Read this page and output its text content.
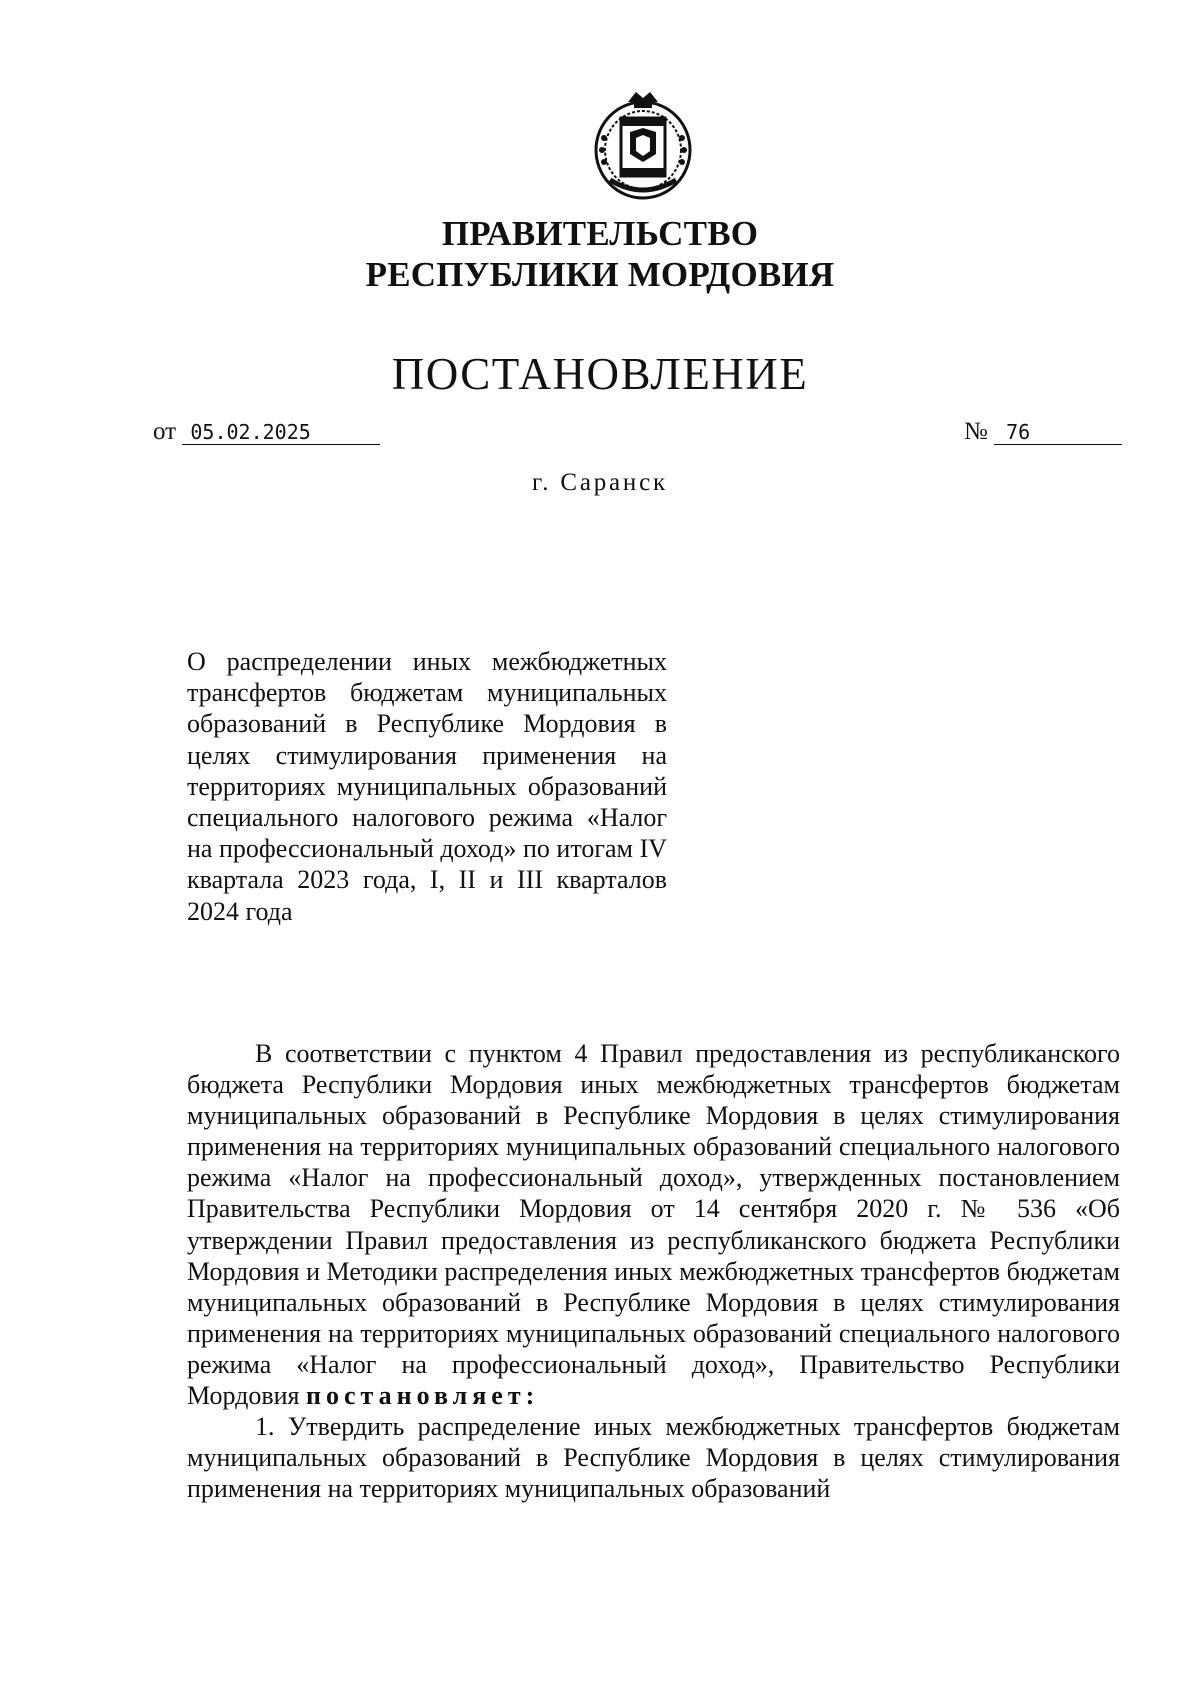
ПРАВИТЕЛЬСТВО
РЕСПУБЛИКИ МОРДОВИЯ
ПОСТАНОВЛЕНИЕ
от 05.02.2025	№ 76
г. Саранск
О распределении иных межбюджетных трансфертов бюджетам муниципальных образований в Республике Мордовия в целях стимулирования применения на территориях муниципальных образований специального налогового режима «Налог на профессиональный доход» по итогам IV квартала 2023 года, I, II и III кварталов 2024 года

В соответствии с пунктом 4 Правил предоставления из республиканского бюджета Республики Мордовия иных межбюджетных трансфертов бюджетам муниципальных образований в Республике Мордовия в целях стимулирования применения на территориях муниципальных образований специального налогового режима «Налог на профессиональный доход», утвержденных постановлением Правительства Республики Мордовия от 14 сентября 2020 г. № 536 «Об утверждении Правил предоставления из республиканского бюджета Республики Мордовия и Методики распределения иных межбюджетных трансфертов бюджетам муниципальных образований в Республике Мордовия в целях стимулирования применения на территориях муниципальных образований специального налогового режима «Налог на профессиональный доход», Правительство Республики Мордовия постановляет:

1. Утвердить распределение иных межбюджетных трансфертов бюджетам муниципальных образований в Республике Мордовия в целях стимулирования применения на территориях муниципальных образований
